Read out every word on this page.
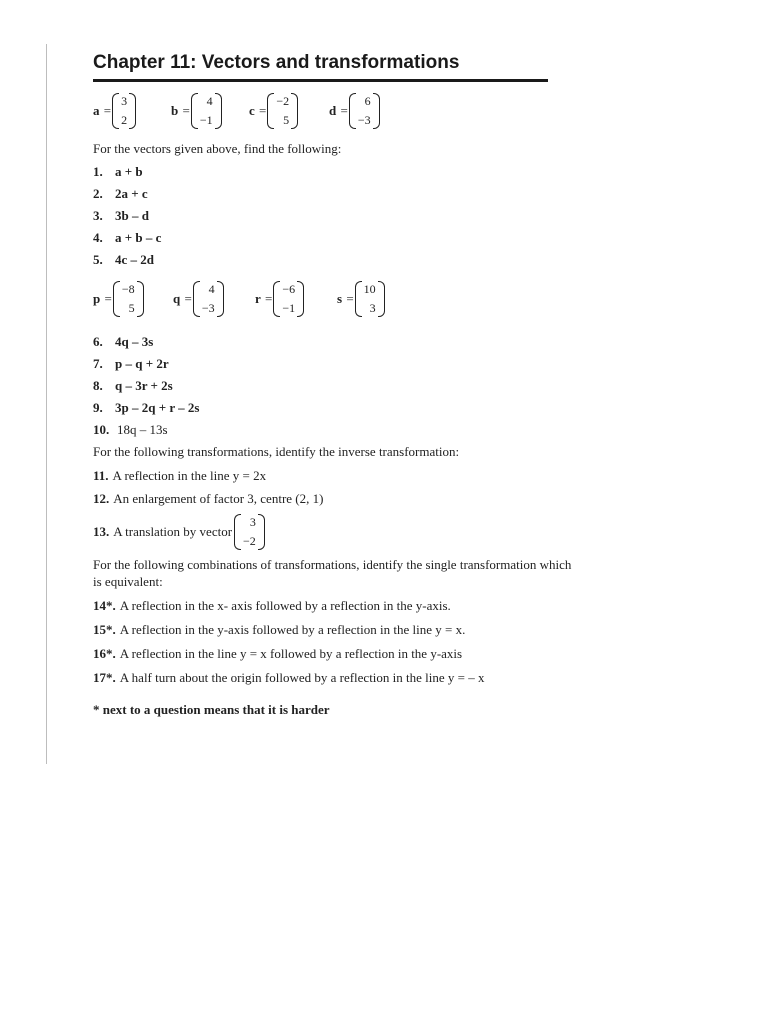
Chapter 11: Vectors and transformations
a =
3
2
b =
4
−1
c =
−2
5
d =
6
−3

For the vectors given above, find the following:

1. a + b
2. 2a + c
3. 3b – d
4. a + b – c
5. 4c – 2d
p =
−8
5
q =
4
−3
r =
−6
−1
s =
10
3
6. 4q – 3s
7. p – q + 2r
8. q – 3r + 2s
9. 3p – 2q + r – 2s
10. 18q – 13s

For the following transformations, identify the inverse transformation:

11. A reflection in the line y = 2x
12. An enlargement of factor 3, centre (2, 1)
13. A translation by vector
3
−2

For the following combinations of transformations, identify the single transformation which is equivalent:

14*. A reflection in the x- axis followed by a reflection in the y-axis.
15*. A reflection in the y-axis followed by a reflection in the line y = x.
16*. A reflection in the line y = x followed by a reflection in the y-axis
17*. A half turn about the origin followed by a reflection in the line y = – x
* next to a question means that it is harder
